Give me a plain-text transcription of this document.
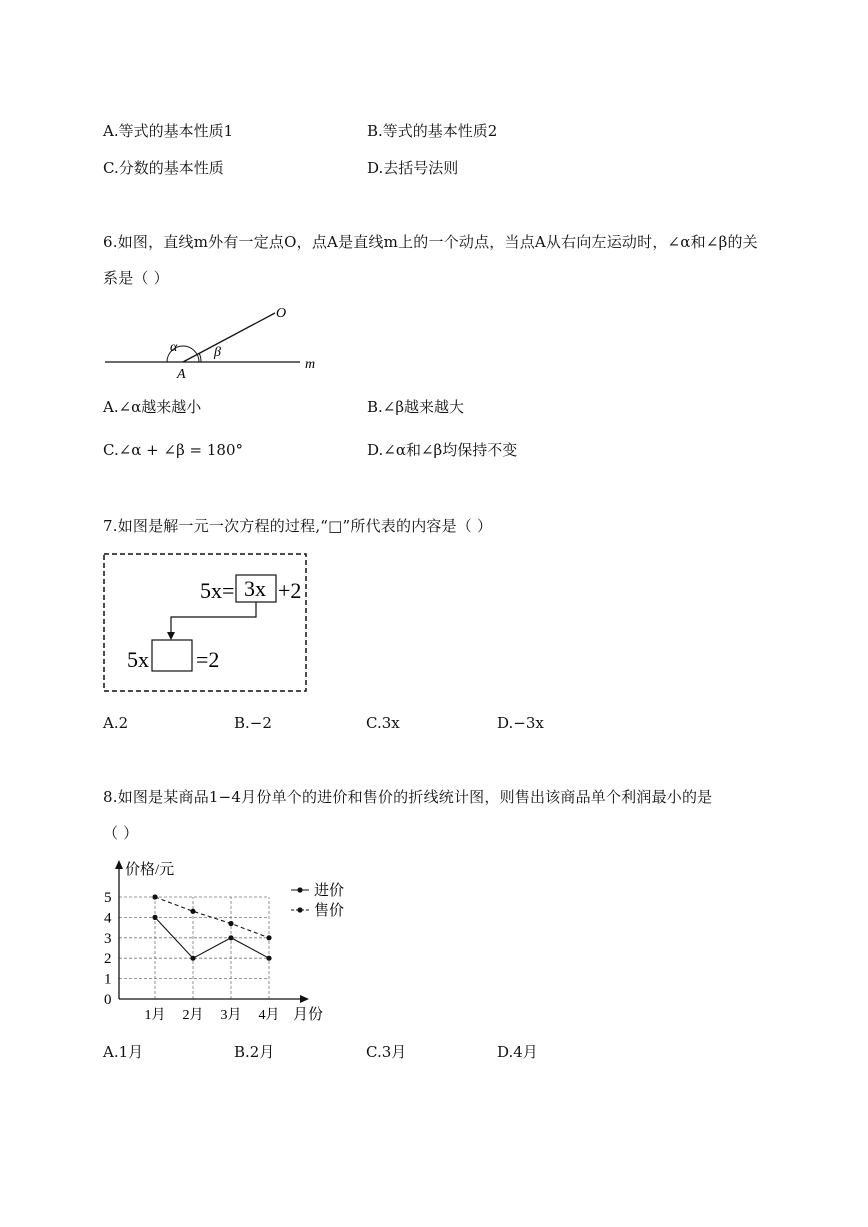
A.等式的基本性质1	B.等式的基本性质2
C.分数的基本性质	D.去括号法则
6.如图，直线m外有一定点O，点A是直线m上的一个动点，当点A从右向左运动时，∠α和∠β的关
系是（ ）
O
A
m
α	β
A.∠α越来越小	B.∠β越来越大
C.∠α + ∠β = 180°	D.∠α和∠β均保持不变
7.如图是解一元一次方程的过程,“□”所代表的内容是（ ）
5x= 3x +2
5x =2
A.2	B.−2	C.3x	D.−3x
8.如图是某商品1−4月份单个的进价和售价的折线统计图，则售出该商品单个利润最小的是
（ ）
0
1
2
3
4
5
1月 2月 3月 4月
价格/元
月份
进价
售价
A.1月	B.2月	C.3月	D.4月
